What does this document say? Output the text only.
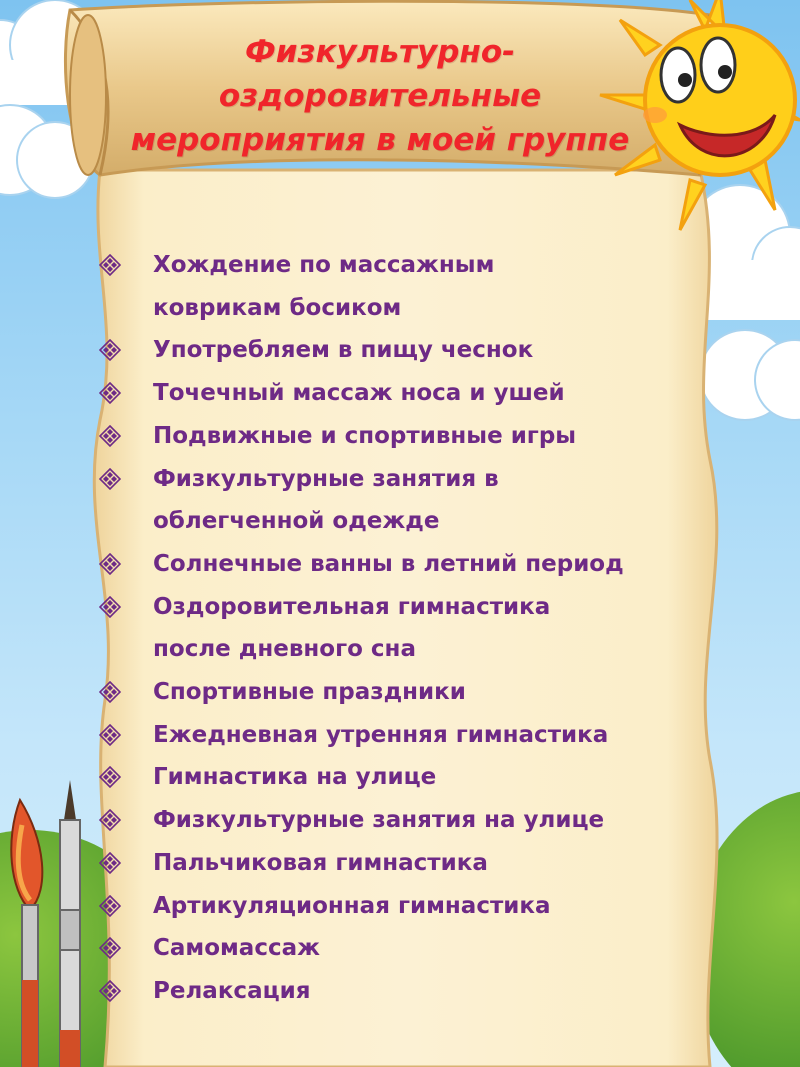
Физкультурно-
оздоровительные
мероприятия в моей группе
Хождение по массажным
коврикам босиком
Употребляем в пищу чеснок
Точечный массаж носа и ушей
Подвижные и спортивные игры
Физкультурные занятия в
облегченной одежде
Солнечные ванны в летний период
Оздоровительная гимнастика
после дневного сна
Спортивные праздники
Ежедневная утренняя гимнастика
Гимнастика на улице
Физкультурные занятия на улице
Пальчиковая гимнастика
Артикуляционная гимнастика
Самомассаж
Релаксация
